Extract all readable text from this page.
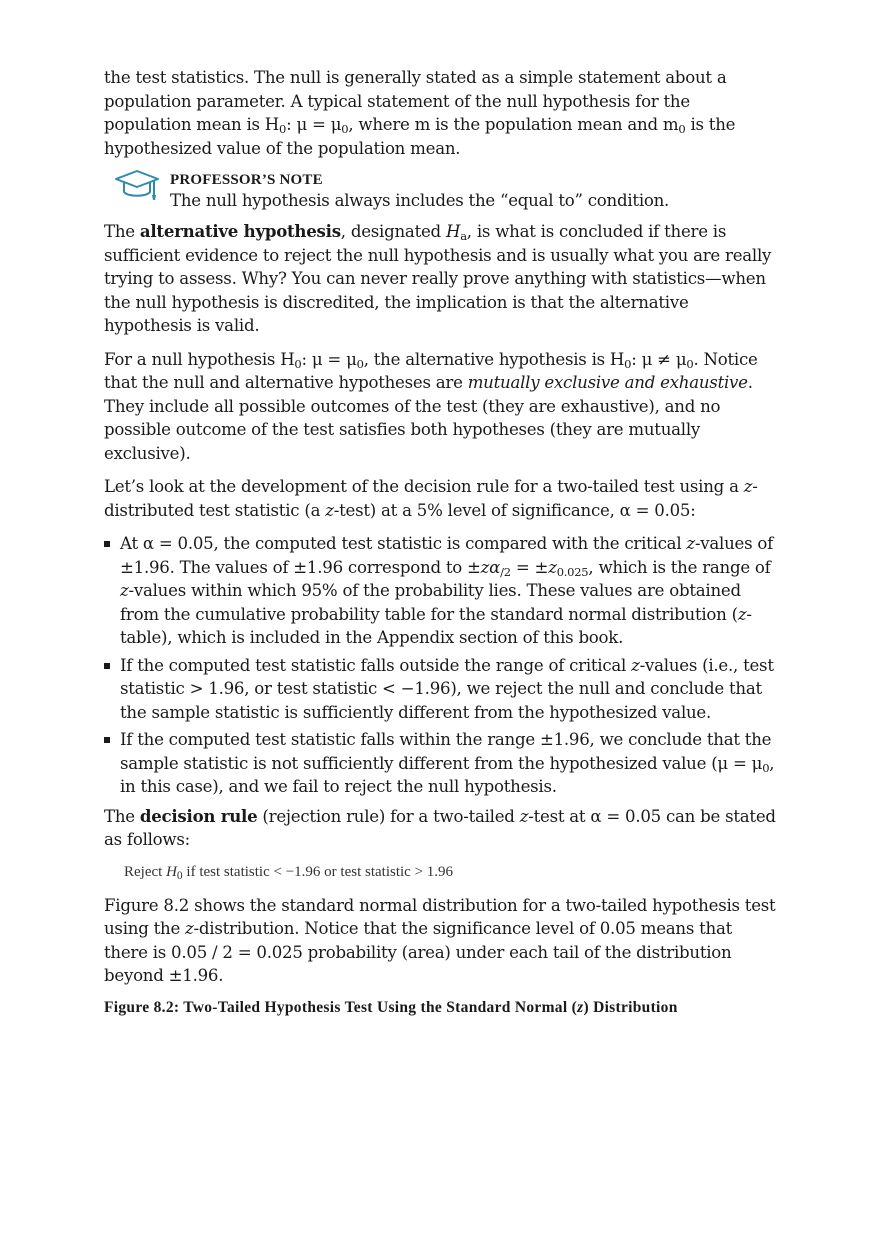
the test statistics. The null is generally stated as a simple statement about a population parameter. A typical statement of the null hypothesis for the population mean is $H_0$: $\mu = \mu_0$, where m is the population mean and $m_0$ is the hypothesized value of the population mean.

PROFESSOR’S NOTE
The null hypothesis always includes the “equal to” condition.

The alternative hypothesis, designated $H_a$, is what is concluded if there is sufficient evidence to reject the null hypothesis and is usually what you are really trying to assess. Why? You can never really prove anything with statistics—when the null hypothesis is discredited, the implication is that the alternative hypothesis is valid.

For a null hypothesis $H_0$: $\mu = \mu_0$, the alternative hypothesis is $H_0$: $\mu \ne \mu_0$. Notice that the null and alternative hypotheses are mutually exclusive and exhaustive. They include all possible outcomes of the test (they are exhaustive), and no possible outcome of the test satisfies both hypotheses (they are mutually exclusive).

Let’s look at the development of the decision rule for a two-tailed test using a z-distributed test statistic (a z-test) at a 5% level of significance, α = 0.05:

At α = 0.05, the computed test statistic is compared with the critical z-values of ±1.96. The values of ±1.96 correspond to $\pm z\alpha_{/2} = \pm z_{0.025}$, which is the range of z-values within which 95% of the probability lies. These values are obtained from the cumulative probability table for the standard normal distribution (z-table), which is included in the Appendix section of this book.
If the computed test statistic falls outside the range of critical z-values (i.e., test statistic > 1.96, or test statistic < −1.96), we reject the null and conclude that the sample statistic is sufficiently different from the hypothesized value.
If the computed test statistic falls within the range ±1.96, we conclude that the sample statistic is not sufficiently different from the hypothesized value ($\mu = \mu_0$, in this case), and we fail to reject the null hypothesis.

The decision rule (rejection rule) for a two-tailed z-test at α = 0.05 can be stated as follows:

Reject $H_0$ if test statistic < −1.96 or test statistic > 1.96

Figure 8.2 shows the standard normal distribution for a two-tailed hypothesis test using the z-distribution. Notice that the significance level of 0.05 means that there is 0.05 / 2 = 0.025 probability (area) under each tail of the distribution beyond ±1.96.

Figure 8.2: Two-Tailed Hypothesis Test Using the Standard Normal (z) Distribution
